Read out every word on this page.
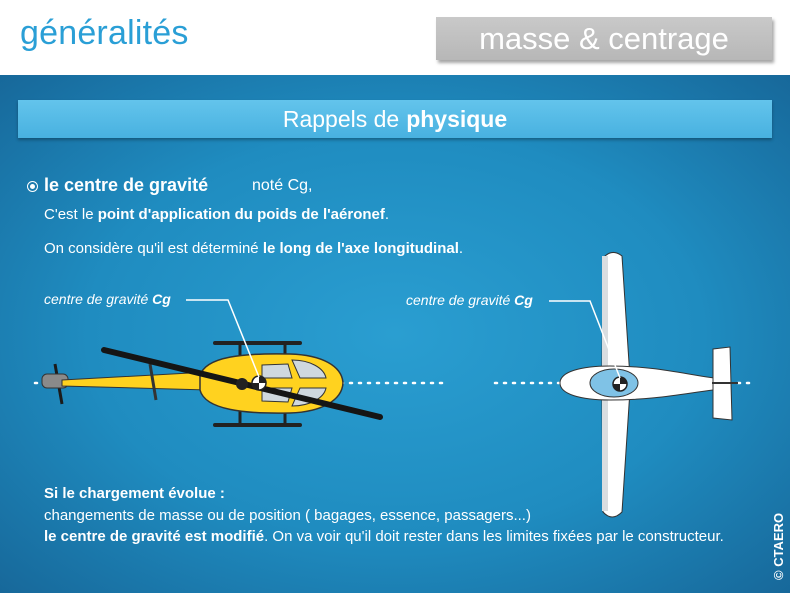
généralités	masse & centrage
Rappels de physique
le centre de gravité	noté Cg,
C'est le point d'application du poids de l'aéronef.
On considère qu'il est déterminé le long de l'axe longitudinal.
centre de gravité Cg	centre de gravité Cg
Si le chargement évolue :
changements de masse ou de position ( bagages, essence, passagers...)
le centre de gravité est modifié. On va voir qu'il doit rester dans les limites fixées par le constructeur.	© CTAERO
